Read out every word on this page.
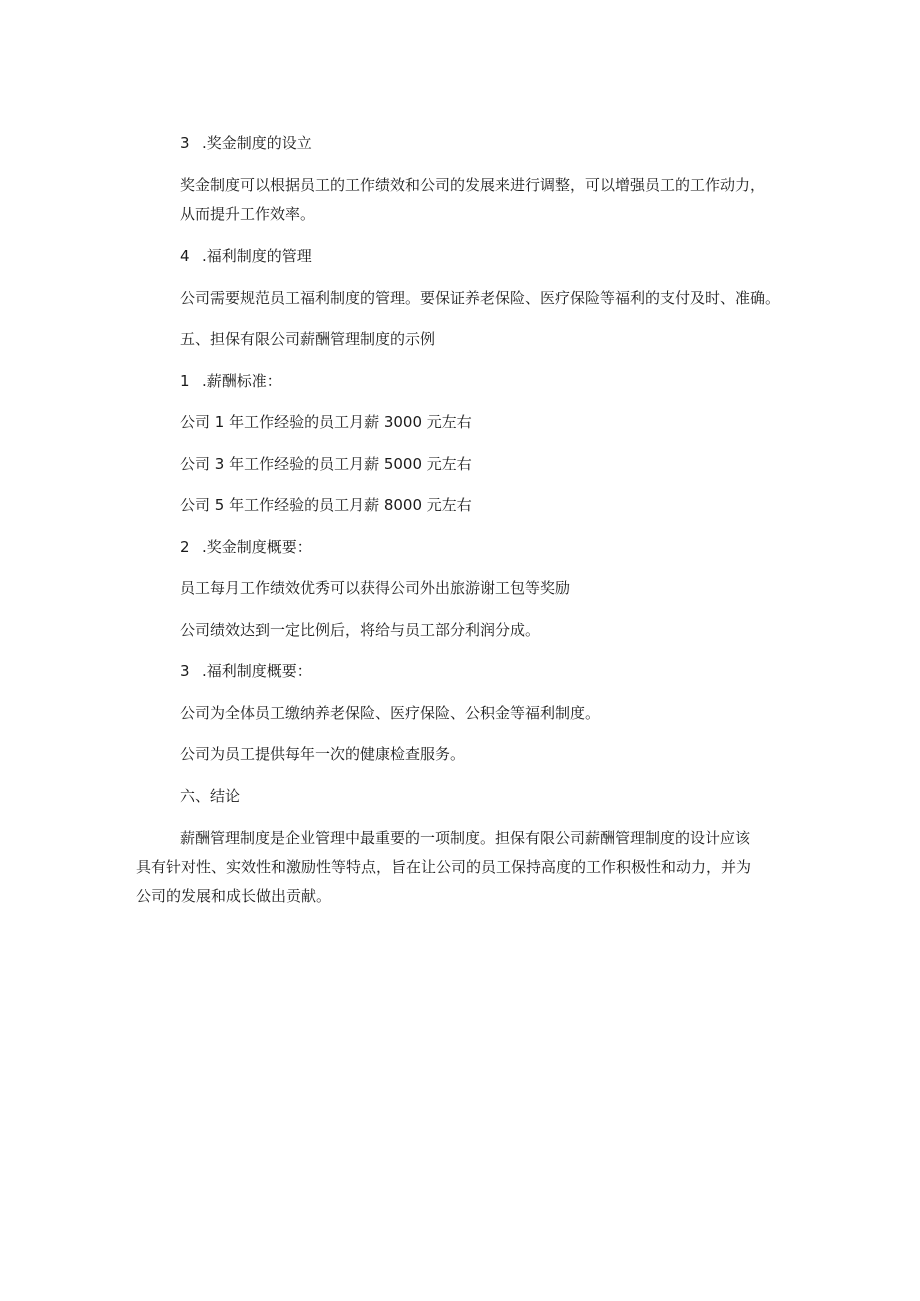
3 .奖金制度的设立
奖金制度可以根据员工的工作绩效和公司的发展来进行调整，可以增强员工的工作动力，
从而提升工作效率。
4 .福利制度的管理
公司需要规范员工福利制度的管理。要保证养老保险、医疗保险等福利的支付及时、准确。
五、担保有限公司薪酬管理制度的示例
1 .薪酬标准：
公司 1 年工作经验的员工月薪 3000 元左右
公司 3 年工作经验的员工月薪 5000 元左右
公司 5 年工作经验的员工月薪 8000 元左右
2 .奖金制度概要：
员工每月工作绩效优秀可以获得公司外出旅游谢工包等奖励
公司绩效达到一定比例后，将给与员工部分利润分成。
3 .福利制度概要：
公司为全体员工缴纳养老保险、医疗保险、公积金等福利制度。
公司为员工提供每年一次的健康检查服务。
六、结论
薪酬管理制度是企业管理中最重要的一项制度。担保有限公司薪酬管理制度的设计应该
具有针对性、实效性和激励性等特点，旨在让公司的员工保持高度的工作积极性和动力，并为
公司的发展和成长做出贡献。
